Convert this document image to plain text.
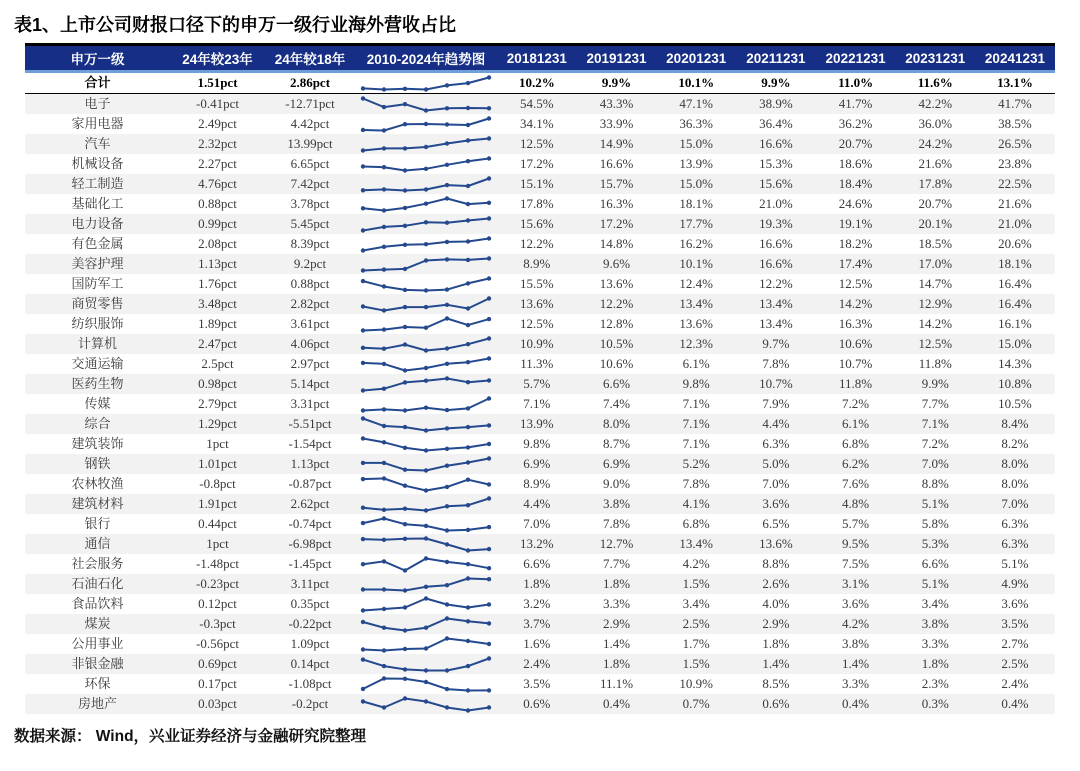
表1、上市公司财报口径下的申万一级行业海外营收占比
申万一级	24年较23年	24年较18年	2010-2024年趋势图	20181231	20191231	20201231	20211231	20221231	20231231	20241231
合计	1.51pct	2.86pct	10.2%	9.9%	10.1%	9.9%	11.0%	11.6%	13.1%
电子	-0.41pct	-12.71pct	54.5%	43.3%	47.1%	38.9%	41.7%	42.2%	41.7%
家用电器	2.49pct	4.42pct	34.1%	33.9%	36.3%	36.4%	36.2%	36.0%	38.5%
汽车	2.32pct	13.99pct	12.5%	14.9%	15.0%	16.6%	20.7%	24.2%	26.5%
机械设备	2.27pct	6.65pct	17.2%	16.6%	13.9%	15.3%	18.6%	21.6%	23.8%
轻工制造	4.76pct	7.42pct	15.1%	15.7%	15.0%	15.6%	18.4%	17.8%	22.5%
基础化工	0.88pct	3.78pct	17.8%	16.3%	18.1%	21.0%	24.6%	20.7%	21.6%
电力设备	0.99pct	5.45pct	15.6%	17.2%	17.7%	19.3%	19.1%	20.1%	21.0%
有色金属	2.08pct	8.39pct	12.2%	14.8%	16.2%	16.6%	18.2%	18.5%	20.6%
美容护理	1.13pct	9.2pct	8.9%	9.6%	10.1%	16.6%	17.4%	17.0%	18.1%
国防军工	1.76pct	0.88pct	15.5%	13.6%	12.4%	12.2%	12.5%	14.7%	16.4%
商贸零售	3.48pct	2.82pct	13.6%	12.2%	13.4%	13.4%	14.2%	12.9%	16.4%
纺织服饰	1.89pct	3.61pct	12.5%	12.8%	13.6%	13.4%	16.3%	14.2%	16.1%
计算机	2.47pct	4.06pct	10.9%	10.5%	12.3%	9.7%	10.6%	12.5%	15.0%
交通运输	2.5pct	2.97pct	11.3%	10.6%	6.1%	7.8%	10.7%	11.8%	14.3%
医药生物	0.98pct	5.14pct	5.7%	6.6%	9.8%	10.7%	11.8%	9.9%	10.8%
传媒	2.79pct	3.31pct	7.1%	7.4%	7.1%	7.9%	7.2%	7.7%	10.5%
综合	1.29pct	-5.51pct	13.9%	8.0%	7.1%	4.4%	6.1%	7.1%	8.4%
建筑装饰	1pct	-1.54pct	9.8%	8.7%	7.1%	6.3%	6.8%	7.2%	8.2%
钢铁	1.01pct	1.13pct	6.9%	6.9%	5.2%	5.0%	6.2%	7.0%	8.0%
农林牧渔	-0.8pct	-0.87pct	8.9%	9.0%	7.8%	7.0%	7.6%	8.8%	8.0%
建筑材料	1.91pct	2.62pct	4.4%	3.8%	4.1%	3.6%	4.8%	5.1%	7.0%
银行	0.44pct	-0.74pct	7.0%	7.8%	6.8%	6.5%	5.7%	5.8%	6.3%
通信	1pct	-6.98pct	13.2%	12.7%	13.4%	13.6%	9.5%	5.3%	6.3%
社会服务	-1.48pct	-1.45pct	6.6%	7.7%	4.2%	8.8%	7.5%	6.6%	5.1%
石油石化	-0.23pct	3.11pct	1.8%	1.8%	1.5%	2.6%	3.1%	5.1%	4.9%
食品饮料	0.12pct	0.35pct	3.2%	3.3%	3.4%	4.0%	3.6%	3.4%	3.6%
煤炭	-0.3pct	-0.22pct	3.7%	2.9%	2.5%	2.9%	4.2%	3.8%	3.5%
公用事业	-0.56pct	1.09pct	1.6%	1.4%	1.7%	1.8%	3.8%	3.3%	2.7%
非银金融	0.69pct	0.14pct	2.4%	1.8%	1.5%	1.4%	1.4%	1.8%	2.5%
环保	0.17pct	-1.08pct	3.5%	11.1%	10.9%	8.5%	3.3%	2.3%	2.4%
房地产	0.03pct	-0.2pct	0.6%	0.4%	0.7%	0.6%	0.4%	0.3%	0.4%
数据来源： Wind，兴业证券经济与金融研究院整理
